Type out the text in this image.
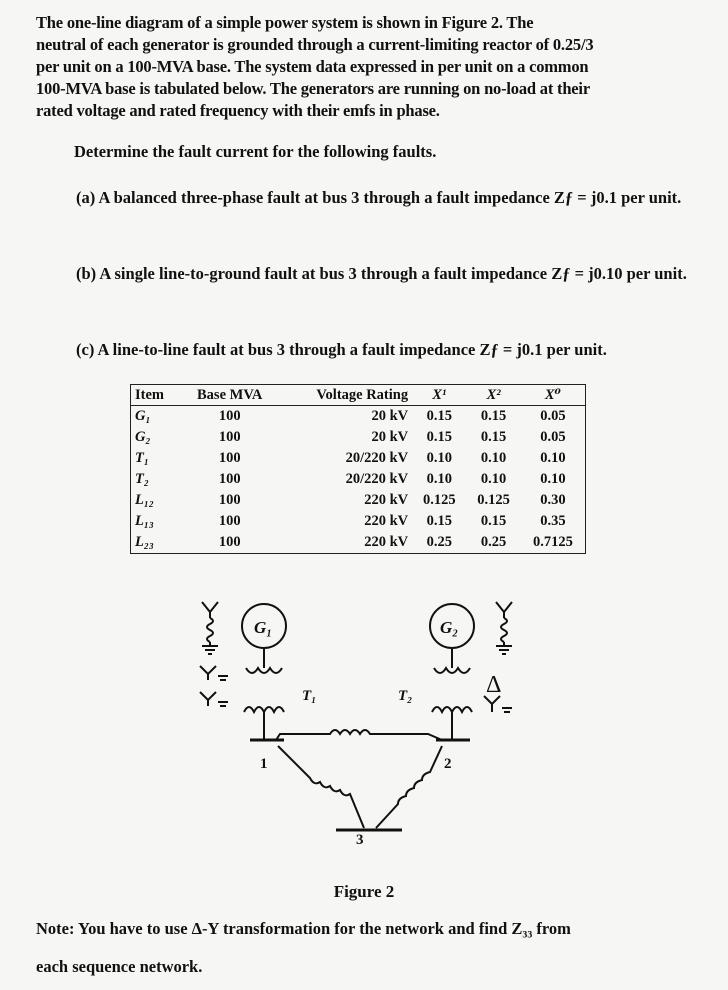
The one-line diagram of a simple power system is shown in Figure 2. The
neutral of each generator is grounded through a current-limiting reactor of 0.25/3
per unit on a 100-MVA base. The system data expressed in per unit on a common
100-MVA base is tabulated below. The generators are running on no-load at their
rated voltage and rated frequency with their emfs in phase.
Determine the fault current for the following faults.
(a) A balanced three-phase fault at bus 3 through a fault impedance Zƒ = j0.1 per unit.
(b) A single line-to-ground fault at bus 3 through a fault impedance Zƒ = j0.10 per unit.
(c) A line-to-line fault at bus 3 through a fault impedance Zƒ = j0.1 per unit.
Item	Base MVA	Voltage Rating	X¹	X²	X⁰
G₁	100	20 kV	0.15	0.15	0.05
G₂	100	20 kV	0.15	0.15	0.05
T₁	100	20/220 kV	0.10	0.10	0.10
T₂	100	20/220 kV	0.10	0.10	0.10
L₁₂	100	220 kV	0.125	0.125	0.30
L₁₃	100	220 kV	0.15	0.15	0.35
L₂₃	100	220 kV	0.25	0.25	0.7125
G₁
T₁
1
G₂
Δ
T₂
2
3
Figure 2
Note: You have to use Δ-Y transformation for the network and find Z₃₃ from
each sequence network.
